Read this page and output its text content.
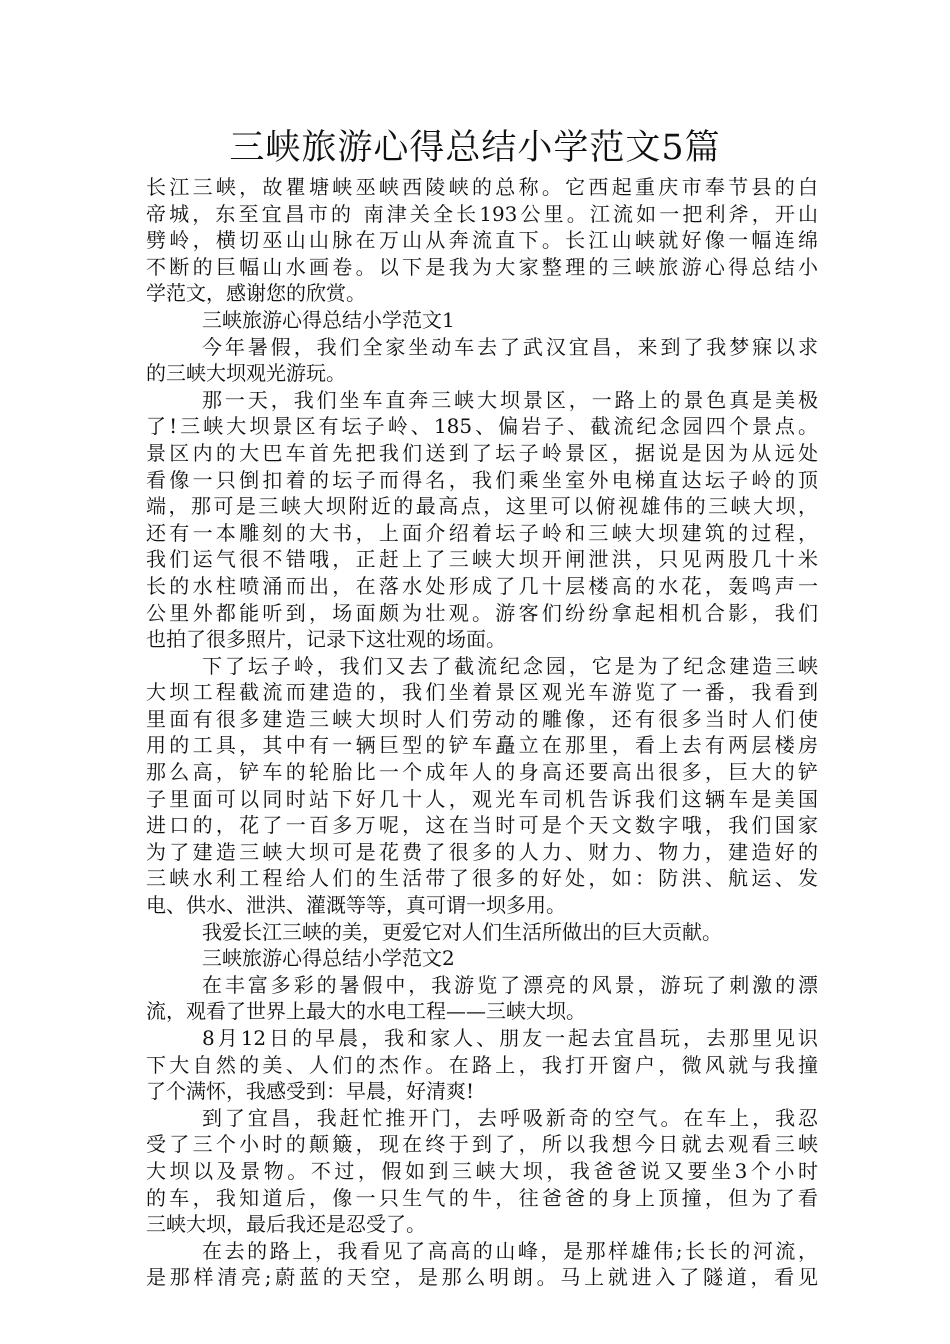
三峡旅游心得总结小学范文5篇
长江三峡，故瞿塘峡巫峡西陵峡的总称。它西起重庆市奉节县的白
帝城，东至宜昌市的 南津关全长193公里。江流如一把利斧，开山
劈岭，横切巫山山脉在万山从奔流直下。长江山峡就好像一幅连绵
不断的巨幅山水画卷。以下是我为大家整理的三峡旅游心得总结小
学范文，感谢您的欣赏。
三峡旅游心得总结小学范文1
今年暑假，我们全家坐动车去了武汉宜昌，来到了我梦寐以求
的三峡大坝观光游玩。
那一天，我们坐车直奔三峡大坝景区，一路上的景色真是美极
了!三峡大坝景区有坛子岭、185、偏岩子、截流纪念园四个景点。
景区内的大巴车首先把我们送到了坛子岭景区，据说是因为从远处
看像一只倒扣着的坛子而得名，我们乘坐室外电梯直达坛子岭的顶
端，那可是三峡大坝附近的最高点，这里可以俯视雄伟的三峡大坝，
还有一本雕刻的大书，上面介绍着坛子岭和三峡大坝建筑的过程，
我们运气很不错哦，正赶上了三峡大坝开闸泄洪，只见两股几十米
长的水柱喷涌而出，在落水处形成了几十层楼高的水花，轰鸣声一
公里外都能听到，场面颇为壮观。游客们纷纷拿起相机合影，我们
也拍了很多照片，记录下这壮观的场面。
下了坛子岭，我们又去了截流纪念园，它是为了纪念建造三峡
大坝工程截流而建造的，我们坐着景区观光车游览了一番，我看到
里面有很多建造三峡大坝时人们劳动的雕像，还有很多当时人们使
用的工具，其中有一辆巨型的铲车矗立在那里，看上去有两层楼房
那么高，铲车的轮胎比一个成年人的身高还要高出很多，巨大的铲
子里面可以同时站下好几十人，观光车司机告诉我们这辆车是美国
进口的，花了一百多万呢，这在当时可是个天文数字哦，我们国家
为了建造三峡大坝可是花费了很多的人力、财力、物力，建造好的
三峡水利工程给人们的生活带了很多的好处，如：防洪、航运、发
电、供水、泄洪、灌溉等等，真可谓一坝多用。
我爱长江三峡的美，更爱它对人们生活所做出的巨大贡献。
三峡旅游心得总结小学范文2
在丰富多彩的暑假中，我游览了漂亮的风景，游玩了刺激的漂
流，观看了世界上最大的水电工程——三峡大坝。
8月12日的早晨，我和家人、朋友一起去宜昌玩，去那里见识
下大自然的美、人们的杰作。在路上，我打开窗户，微风就与我撞
了个满怀，我感受到：早晨，好清爽!
到了宜昌，我赶忙推开门，去呼吸新奇的空气。在车上，我忍
受了三个小时的颠簸，现在终于到了，所以我想今日就去观看三峡
大坝以及景物。不过，假如到三峡大坝，我爸爸说又要坐3个小时
的车，我知道后，像一只生气的牛，往爸爸的身上顶撞，但为了看
三峡大坝，最后我还是忍受了。
在去的路上，我看见了高高的山峰，是那样雄伟;长长的河流，
是那样清亮;蔚蓝的天空，是那么明朗。马上就进入了隧道，看见
